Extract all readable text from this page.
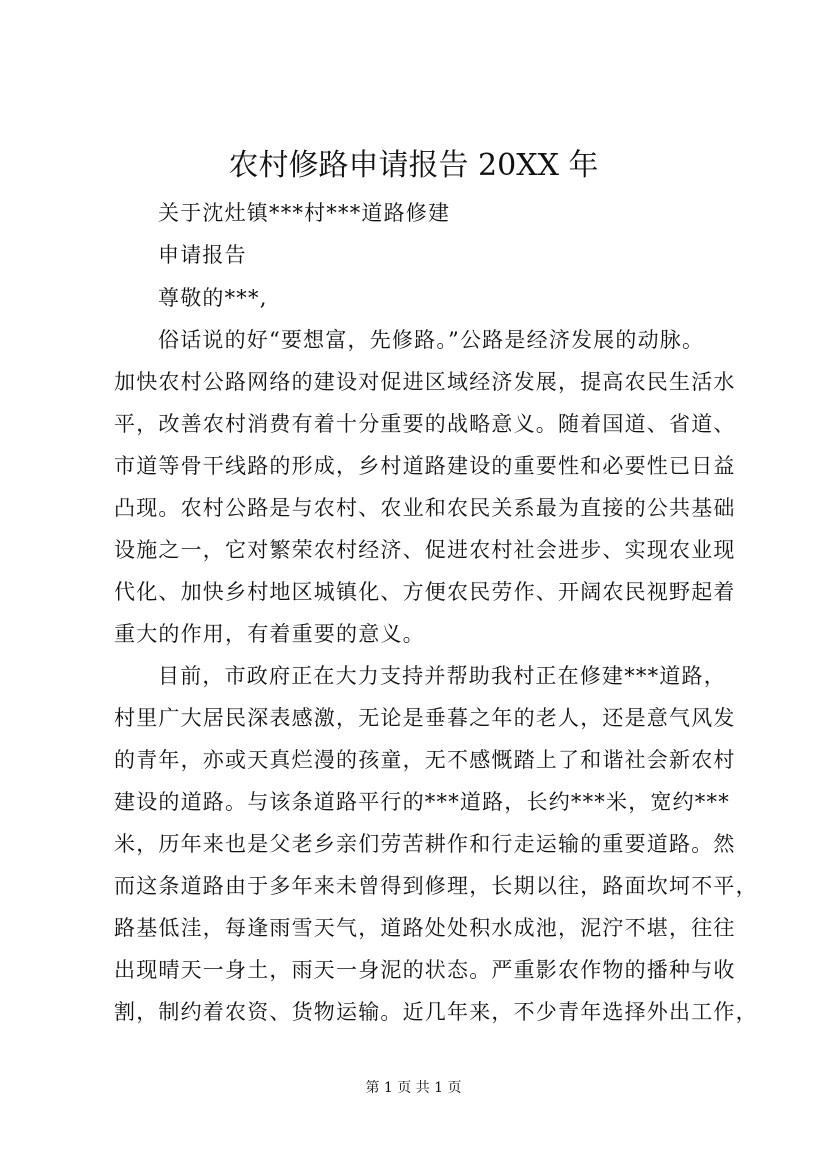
农村修路申请报告 20XX 年
关于沈灶镇***村***道路修建
申请报告
尊敬的***,
俗话说的好“要想富，先修路。”公路是经济发展的动脉。
加快农村公路网络的建设对促进区域经济发展，提高农民生活水
平，改善农村消费有着十分重要的战略意义。随着国道、省道、
市道等骨干线路的形成，乡村道路建设的重要性和必要性已日益
凸现。农村公路是与农村、农业和农民关系最为直接的公共基础
设施之一，它对繁荣农村经济、促进农村社会进步、实现农业现
代化、加快乡村地区城镇化、方便农民劳作、开阔农民视野起着
重大的作用，有着重要的意义。
目前，市政府正在大力支持并帮助我村正在修建***道路，
村里广大居民深表感激，无论是垂暮之年的老人，还是意气风发
的青年，亦或天真烂漫的孩童，无不感慨踏上了和谐社会新农村
建设的道路。与该条道路平行的***道路，长约***米，宽约***
米，历年来也是父老乡亲们劳苦耕作和行走运输的重要道路。然
而这条道路由于多年来未曾得到修理，长期以往，路面坎坷不平，
路基低洼，每逢雨雪天气，道路处处积水成池，泥泞不堪，往往
出现晴天一身土，雨天一身泥的状态。严重影农作物的播种与收
割，制约着农资、货物运输。近几年来，不少青年选择外出工作，
第 1 页 共 1 页
